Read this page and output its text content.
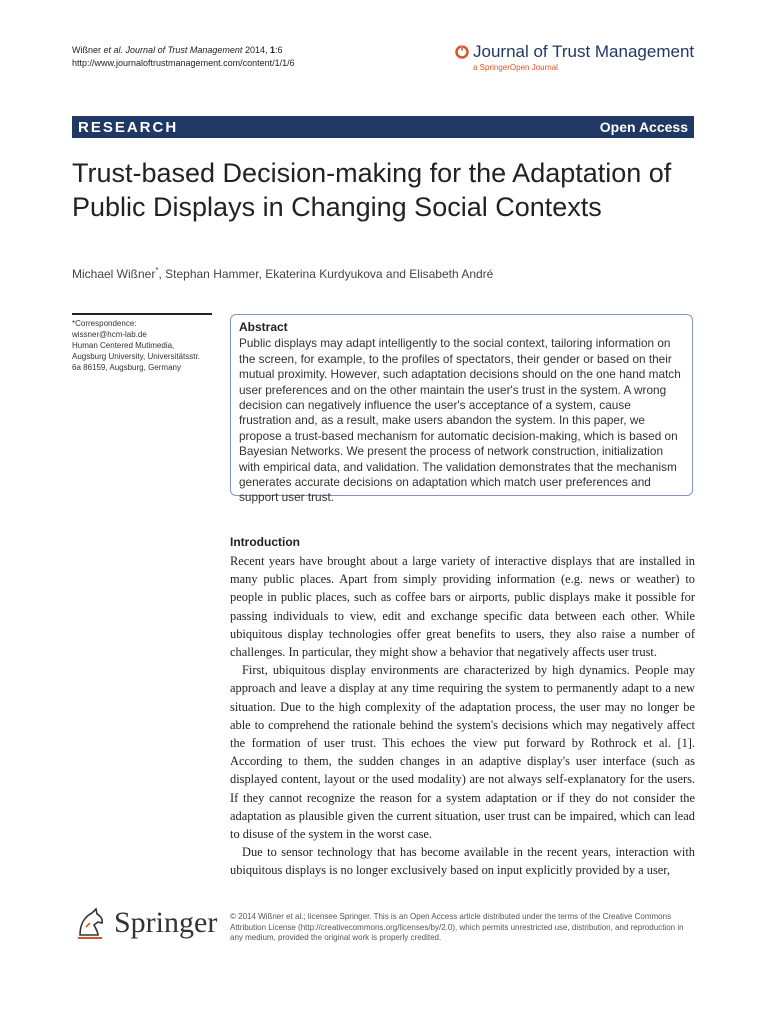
Wißner et al. Journal of Trust Management 2014, 1:6
http://www.journaloftrustmanagement.com/content/1/1/6
Journal of Trust Management
a SpringerOpen Journal
RESEARCH	Open Access
Trust-based Decision-making for the Adaptation of Public Displays in Changing Social Contexts
Michael Wißner*, Stephan Hammer, Ekaterina Kurdyukova and Elisabeth André
*Correspondence:
wissner@hcm-lab.de
Human Centered Mutimedia,
Augsburg University, Universitätsstr.
6a 86159, Augsburg, Germany
Abstract
Public displays may adapt intelligently to the social context, tailoring information on the screen, for example, to the profiles of spectators, their gender or based on their mutual proximity. However, such adaptation decisions should on the one hand match user preferences and on the other maintain the user's trust in the system. A wrong decision can negatively influence the user's acceptance of a system, cause frustration and, as a result, make users abandon the system. In this paper, we propose a trust-based mechanism for automatic decision-making, which is based on Bayesian Networks. We present the process of network construction, initialization with empirical data, and validation. The validation demonstrates that the mechanism generates accurate decisions on adaptation which match user preferences and support user trust.
Introduction

Recent years have brought about a large variety of interactive displays that are installed in many public places. Apart from simply providing information (e.g. news or weather) to people in public places, such as coffee bars or airports, public displays make it possible for passing individuals to view, edit and exchange specific data between each other. While ubiquitous display technologies offer great benefits to users, they also raise a number of challenges. In particular, they might show a behavior that negatively affects user trust.

First, ubiquitous display environments are characterized by high dynamics. People may approach and leave a display at any time requiring the system to permanently adapt to a new situation. Due to the high complexity of the adaptation process, the user may no longer be able to comprehend the rationale behind the system's decisions which may negatively affect the formation of user trust. This echoes the view put forward by Rothrock et al. [1]. According to them, the sudden changes in an adaptive display's user interface (such as displayed content, layout or the used modality) are not always self-explanatory for the users. If they cannot recognize the reason for a system adaptation or if they do not consider the adaptation as plausible given the current situation, user trust can be impaired, which can lead to disuse of the system in the worst case.

Due to sensor technology that has become available in the recent years, interaction with ubiquitous displays is no longer exclusively based on input explicitly provided by a user,

Springer © 2014 Wißner et al.; licensee Springer. This is an Open Access article distributed under the terms of the Creative Commons Attribution License (http://creativecommons.org/licenses/by/2.0), which permits unrestricted use, distribution, and reproduction in any medium, provided the original work is properly credited.
